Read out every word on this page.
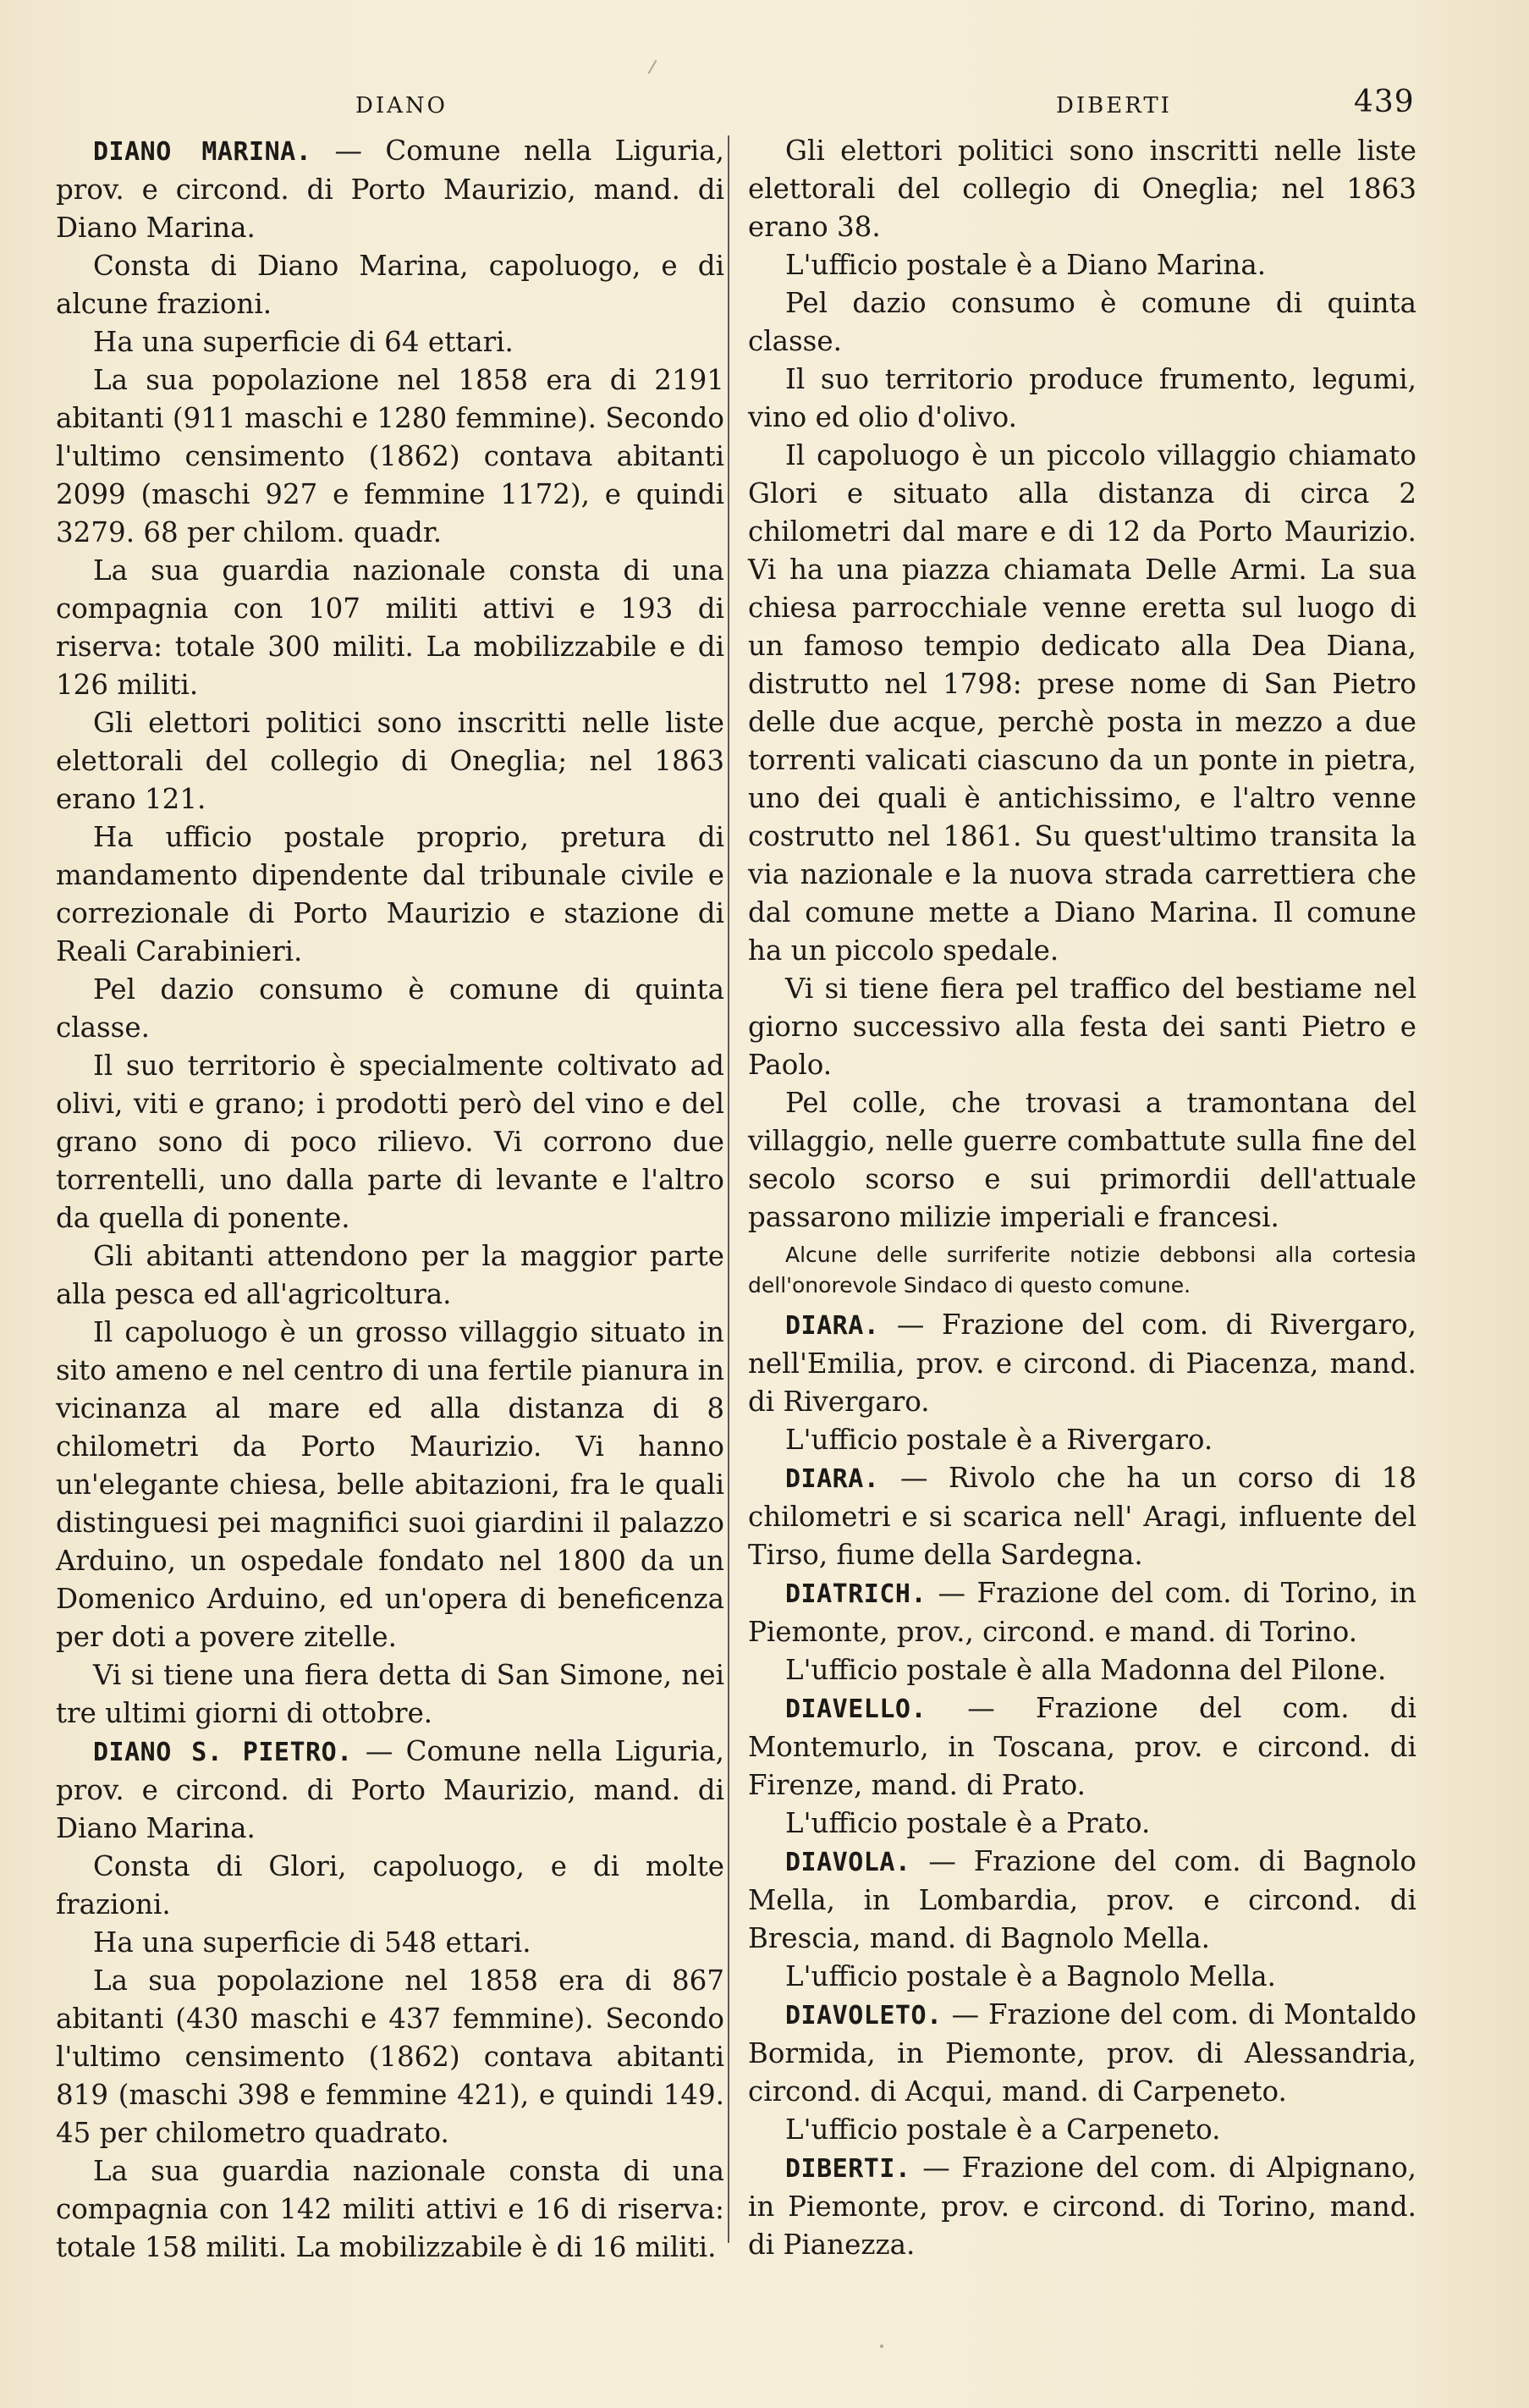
DIANO	DIBERTI	439

DIANO MARINA. — Comune nella Liguria, prov. e circond. di Porto Maurizio, mand. di Diano Marina.

Consta di Diano Marina, capoluogo, e di alcune frazioni.

Ha una superficie di 64 ettari.

La sua popolazione nel 1858 era di 2191 abitanti (911 maschi e 1280 femmine). Secondo l'ultimo censimento (1862) contava abitanti 2099 (maschi 927 e femmine 1172), e quindi 3279. 68 per chilom. quadr.

La sua guardia nazionale consta di una compagnia con 107 militi attivi e 193 di riserva: totale 300 militi. La mobilizzabile e di 126 militi.

Gli elettori politici sono inscritti nelle liste elettorali del collegio di Oneglia; nel 1863 erano 121.

Ha ufficio postale proprio, pretura di mandamento dipendente dal tribunale civile e correzionale di Porto Maurizio e stazione di Reali Carabinieri.

Pel dazio consumo è comune di quinta classe.

Il suo territorio è specialmente coltivato ad olivi, viti e grano; i prodotti però del vino e del grano sono di poco rilievo. Vi corrono due torrentelli, uno dalla parte di levante e l'altro da quella di ponente.

Gli abitanti attendono per la maggior parte alla pesca ed all'agricoltura.

Il capoluogo è un grosso villaggio situato in sito ameno e nel centro di una fertile pianura in vicinanza al mare ed alla distanza di 8 chilometri da Porto Maurizio. Vi hanno un'elegante chiesa, belle abitazioni, fra le quali distinguesi pei magnifici suoi giardini il palazzo Arduino, un ospedale fondato nel 1800 da un Domenico Arduino, ed un'opera di beneficenza per doti a povere zitelle.

Vi si tiene una fiera detta di San Simone, nei tre ultimi giorni di ottobre.

DIANO S. PIETRO. — Comune nella Liguria, prov. e circond. di Porto Maurizio, mand. di Diano Marina.

Consta di Glori, capoluogo, e di molte frazioni.

Ha una superficie di 548 ettari.

La sua popolazione nel 1858 era di 867 abitanti (430 maschi e 437 femmine). Secondo l'ultimo censimento (1862) contava abitanti 819 (maschi 398 e femmine 421), e quindi 149. 45 per chilometro quadrato.

La sua guardia nazionale consta di una compagnia con 142 militi attivi e 16 di riserva: totale 158 militi. La mobilizzabile è di 16 militi.

Gli elettori politici sono inscritti nelle liste elettorali del collegio di Oneglia; nel 1863 erano 38.

L'ufficio postale è a Diano Marina.

Pel dazio consumo è comune di quinta classe.

Il suo territorio produce frumento, legumi, vino ed olio d'olivo.

Il capoluogo è un piccolo villaggio chiamato Glori e situato alla distanza di circa 2 chilometri dal mare e di 12 da Porto Maurizio. Vi ha una piazza chiamata Delle Armi. La sua chiesa parrocchiale venne eretta sul luogo di un famoso tempio dedicato alla Dea Diana, distrutto nel 1798: prese nome di San Pietro delle due acque, perchè posta in mezzo a due torrenti valicati ciascuno da un ponte in pietra, uno dei quali è antichissimo, e l'altro venne costrutto nel 1861. Su quest'ultimo transita la via nazionale e la nuova strada carrettiera che dal comune mette a Diano Marina. Il comune ha un piccolo spedale.

Vi si tiene fiera pel traffico del bestiame nel giorno successivo alla festa dei santi Pietro e Paolo.

Pel colle, che trovasi a tramontana del villaggio, nelle guerre combattute sulla fine del secolo scorso e sui primordii dell'attuale passarono milizie imperiali e francesi.

Alcune delle surriferite notizie debbonsi alla cortesia dell'onorevole Sindaco di questo comune.

DIARA. — Frazione del com. di Rivergaro, nell'Emilia, prov. e circond. di Piacenza, mand. di Rivergaro.

L'ufficio postale è a Rivergaro.

DIARA. — Rivolo che ha un corso di 18 chilometri e si scarica nell' Aragi, influente del Tirso, fiume della Sardegna.

DIATRICH. — Frazione del com. di Torino, in Piemonte, prov., circond. e mand. di Torino.

L'ufficio postale è alla Madonna del Pilone.

DIAVELLO. — Frazione del com. di Montemurlo, in Toscana, prov. e circond. di Firenze, mand. di Prato.

L'ufficio postale è a Prato.

DIAVOLA. — Frazione del com. di Bagnolo Mella, in Lombardia, prov. e circond. di Brescia, mand. di Bagnolo Mella.

L'ufficio postale è a Bagnolo Mella.

DIAVOLETO. — Frazione del com. di Montaldo Bormida, in Piemonte, prov. di Alessandria, circond. di Acqui, mand. di Carpeneto.

L'ufficio postale è a Carpeneto.

DIBERTI. — Frazione del com. di Alpignano, in Piemonte, prov. e circond. di Torino, mand. di Pianezza.
